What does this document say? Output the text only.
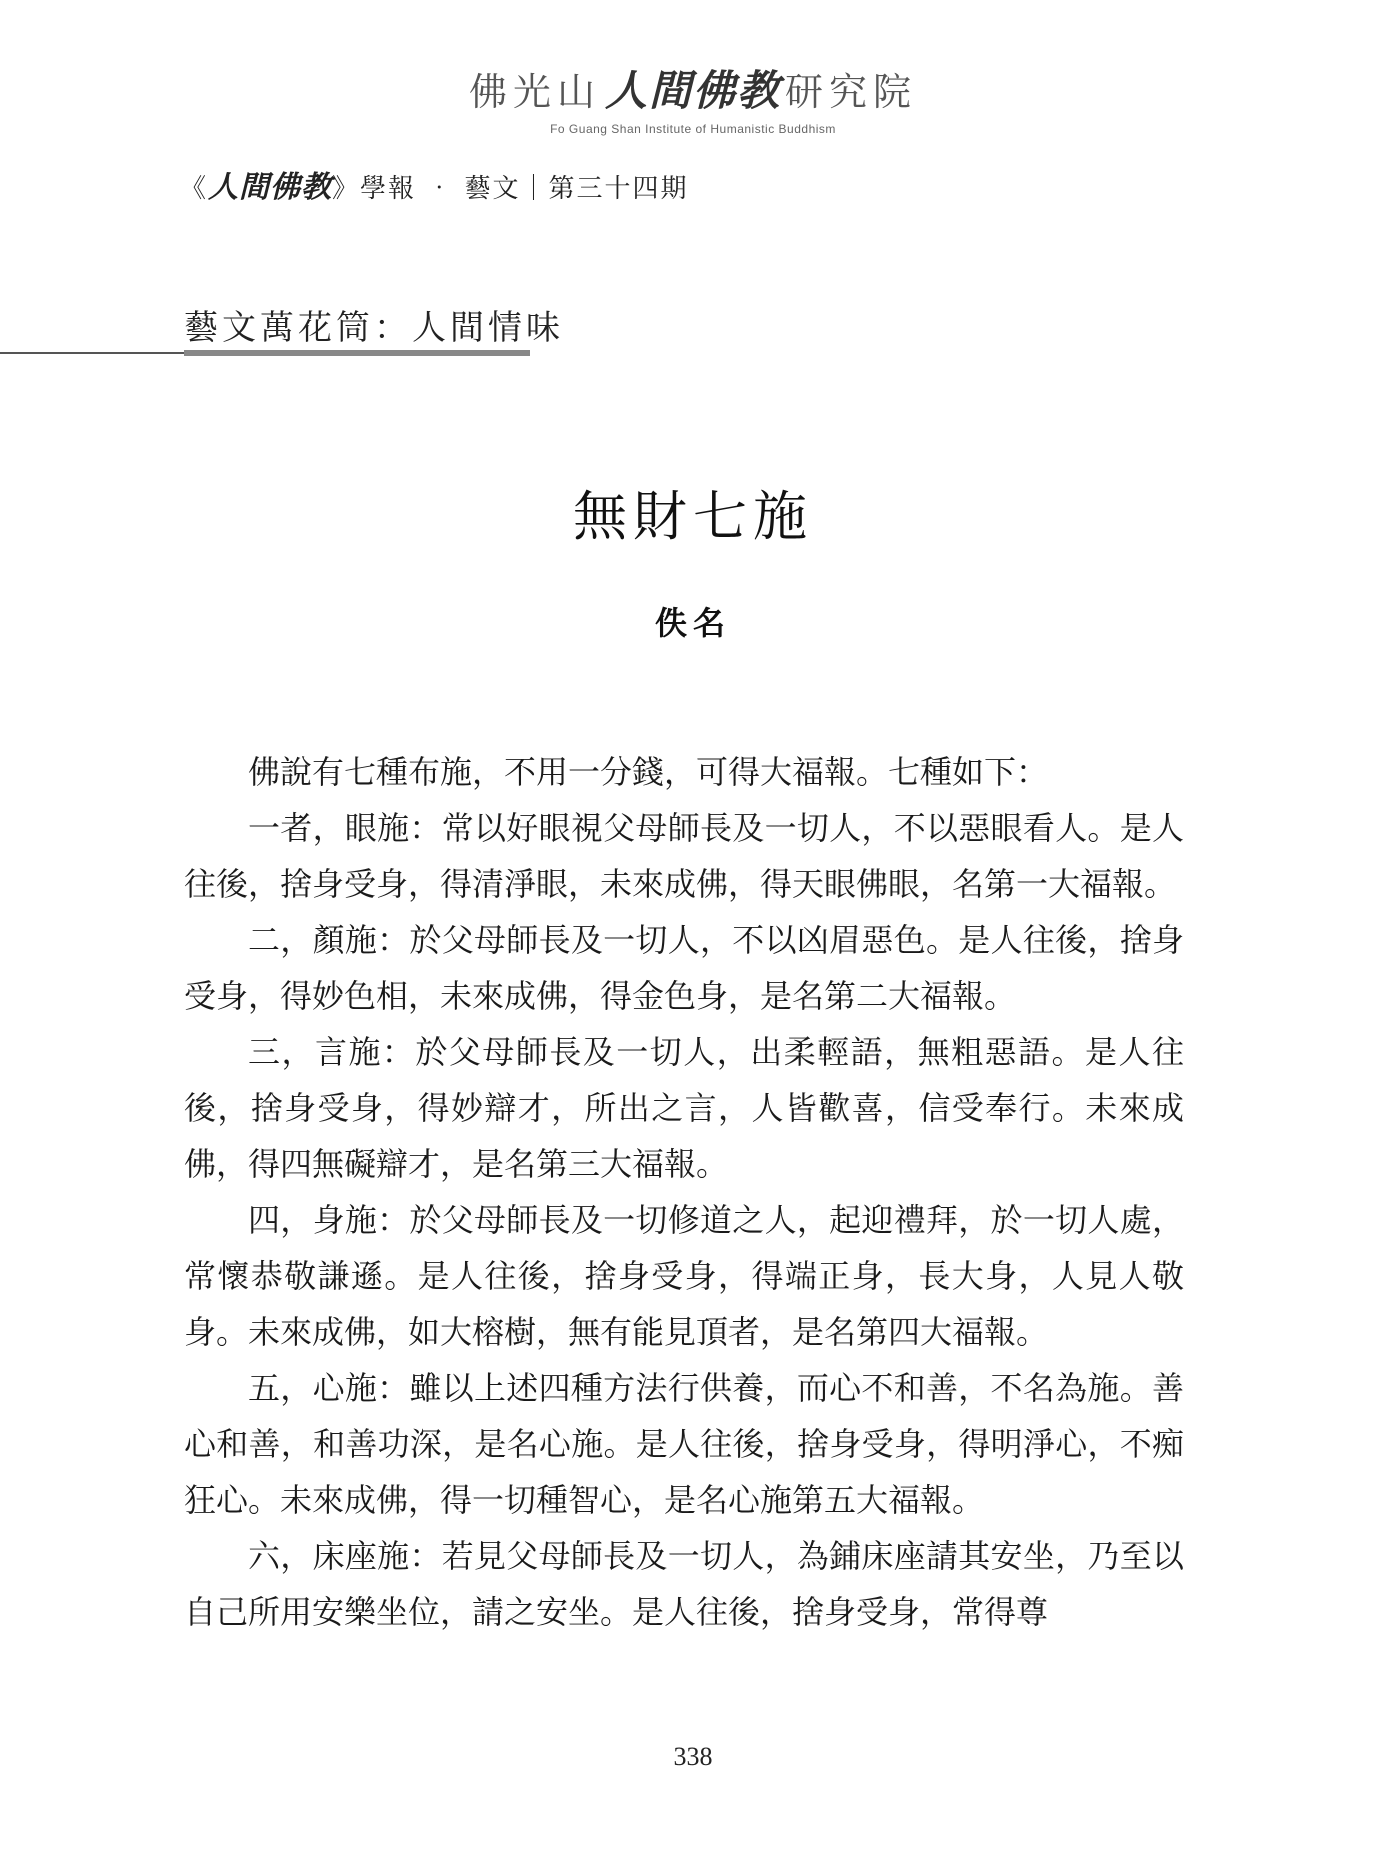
佛光山人間佛教 研究院
Fo Guang Shan Institute of Humanistic Buddhism
《人間佛教》學報 ‧ 藝文｜第三十四期
藝文萬花筒：人間情味
無財七施
佚名

佛說有七種布施，不用一分錢，可得大福報。七種如下：

一者，眼施：常以好眼視父母師長及一切人，不以惡眼看人。是人往後，捨身受身，得清淨眼，未來成佛，得天眼佛眼，名第一大福報。

二，顏施：於父母師長及一切人，不以凶眉惡色。是人往後，捨身受身，得妙色相，未來成佛，得金色身，是名第二大福報。

三，言施：於父母師長及一切人，出柔輕語，無粗惡語。是人往後，捨身受身，得妙辯才，所出之言，人皆歡喜，信受奉行。未來成佛，得四無礙辯才，是名第三大福報。

四，身施：於父母師長及一切修道之人，起迎禮拜，於一切人處，常懷恭敬謙遜。是人往後，捨身受身，得端正身，長大身，人見人敬身。未來成佛，如大榕樹，無有能見頂者，是名第四大福報。

五，心施：雖以上述四種方法行供養，而心不和善，不名為施。善心和善，和善功深，是名心施。是人往後，捨身受身，得明淨心，不痴狂心。未來成佛，得一切種智心，是名心施第五大福報。

六，床座施：若見父母師長及一切人，為鋪床座請其安坐，乃至以自己所用安樂坐位，請之安坐。是人往後，捨身受身，常得尊

338
